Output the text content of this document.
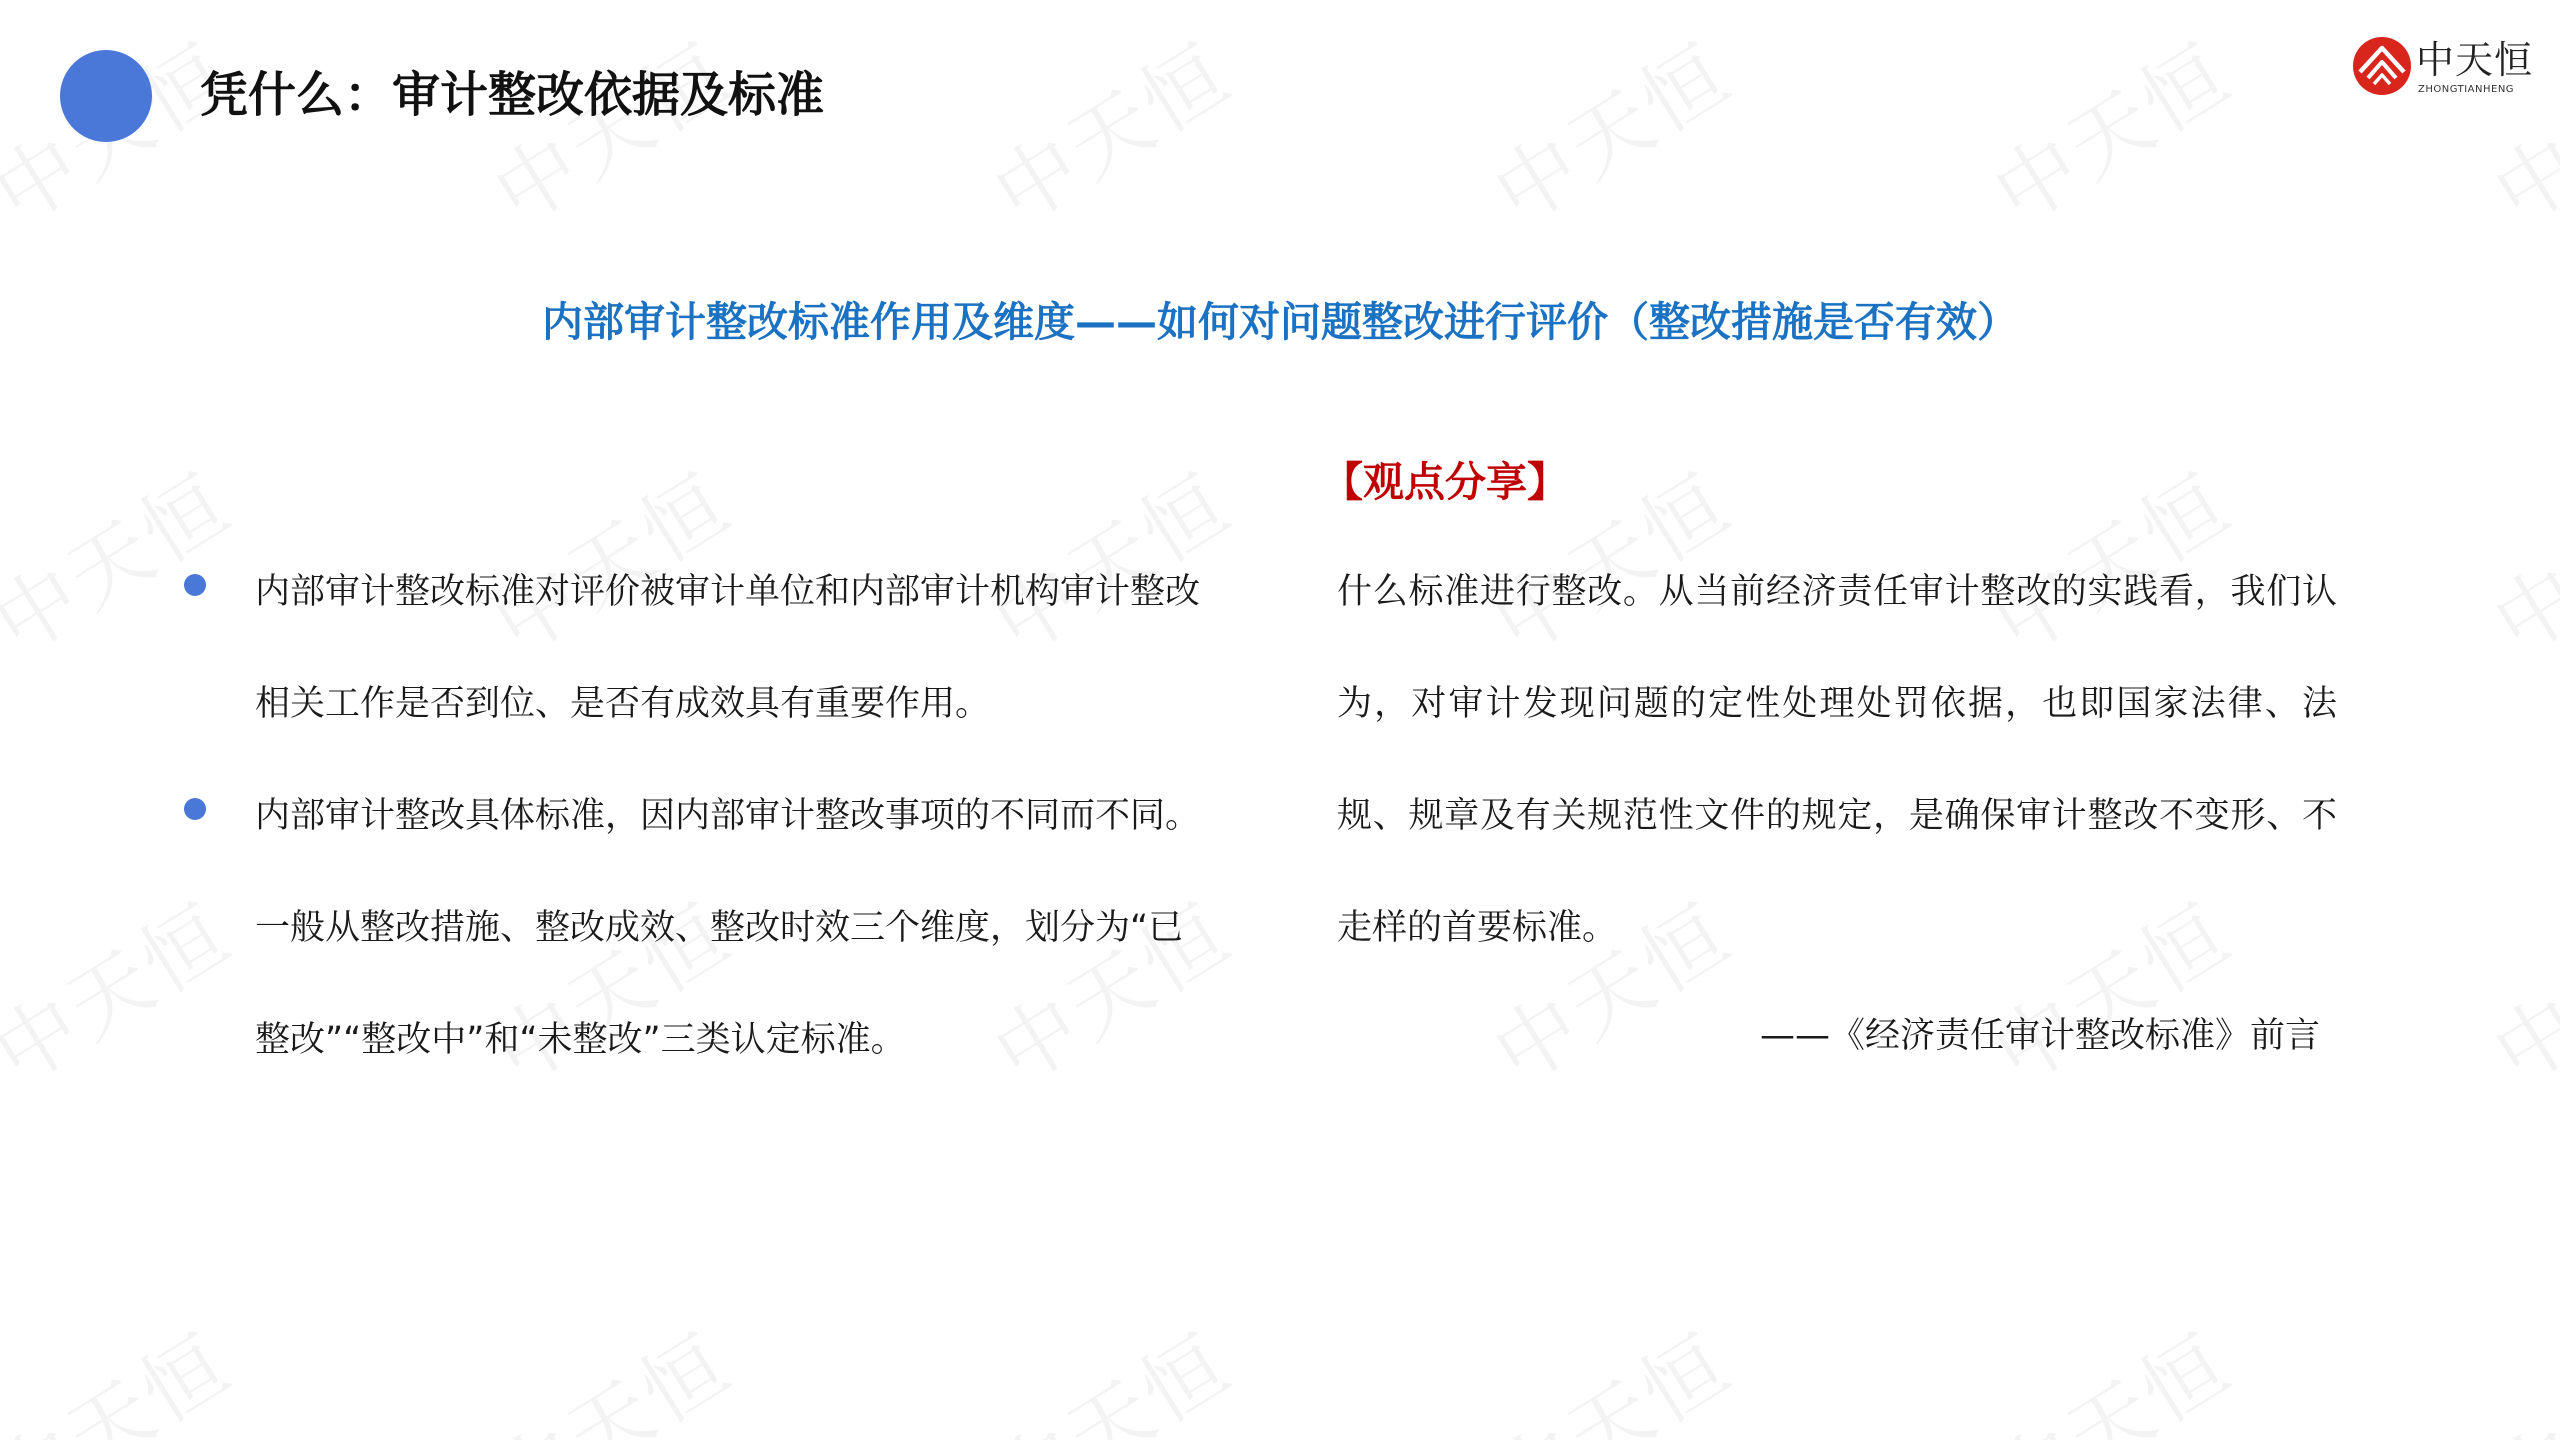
凭什么：审计整改依据及标准
中天恒
ZHONGTIANHENG
内部审计整改标准作用及维度——如何对问题整改进行评价（整改措施是否有效）
内部审计整改标准对评价被审计单位和内部审计机构审计整改相关工作是否到位、是否有成效具有重要作用。
内部审计整改具体标准，因内部审计整改事项的不同而不同。一般从整改措施、整改成效、整改时效三个维度，划分为“已整改”“整改中”和“未整改”三类认定标准。
【观点分享】
什么标准进行整改。从当前经济责任审计整改的实践看，我们认为，对审计发现问题的定性处理处罚依据，也即国家法律、法规、规章及有关规范性文件的规定，是确保审计整改不变形、不走样的首要标准。
——《经济责任审计整改标准》前言
